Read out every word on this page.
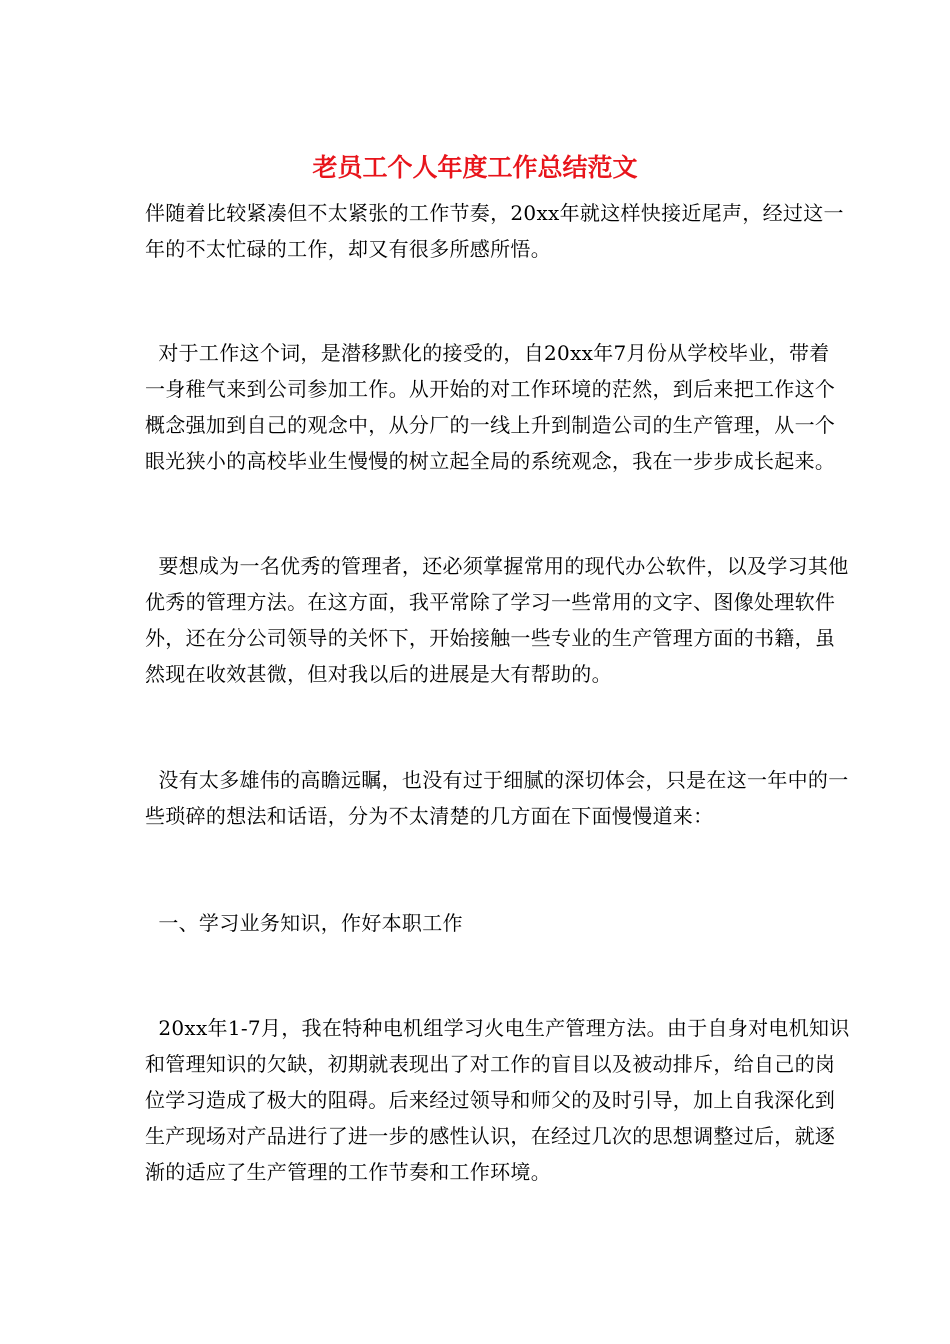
老员工个人年度工作总结范文
伴随着比较紧凑但不太紧张的工作节奏，20xx年就这样快接近尾声，经过这一
年的不太忙碌的工作，却又有很多所感所悟。
对于工作这个词，是潜移默化的接受的，自20xx年7月份从学校毕业，带着
一身稚气来到公司参加工作。从开始的对工作环境的茫然，到后来把工作这个
概念强加到自己的观念中，从分厂的一线上升到制造公司的生产管理，从一个
眼光狭小的高校毕业生慢慢的树立起全局的系统观念，我在一步步成长起来。
要想成为一名优秀的管理者，还必须掌握常用的现代办公软件，以及学习其他
优秀的管理方法。在这方面，我平常除了学习一些常用的文字、图像处理软件
外，还在分公司领导的关怀下，开始接触一些专业的生产管理方面的书籍，虽
然现在收效甚微，但对我以后的进展是大有帮助的。
没有太多雄伟的高瞻远瞩，也没有过于细腻的深切体会，只是在这一年中的一
些琐碎的想法和话语，分为不太清楚的几方面在下面慢慢道来：
一、学习业务知识，作好本职工作
20xx年1-7月，我在特种电机组学习火电生产管理方法。由于自身对电机知识
和管理知识的欠缺，初期就表现出了对工作的盲目以及被动排斥，给自己的岗
位学习造成了极大的阻碍。后来经过领导和师父的及时引导，加上自我深化到
生产现场对产品进行了进一步的感性认识，在经过几次的思想调整过后，就逐
渐的适应了生产管理的工作节奏和工作环境。
